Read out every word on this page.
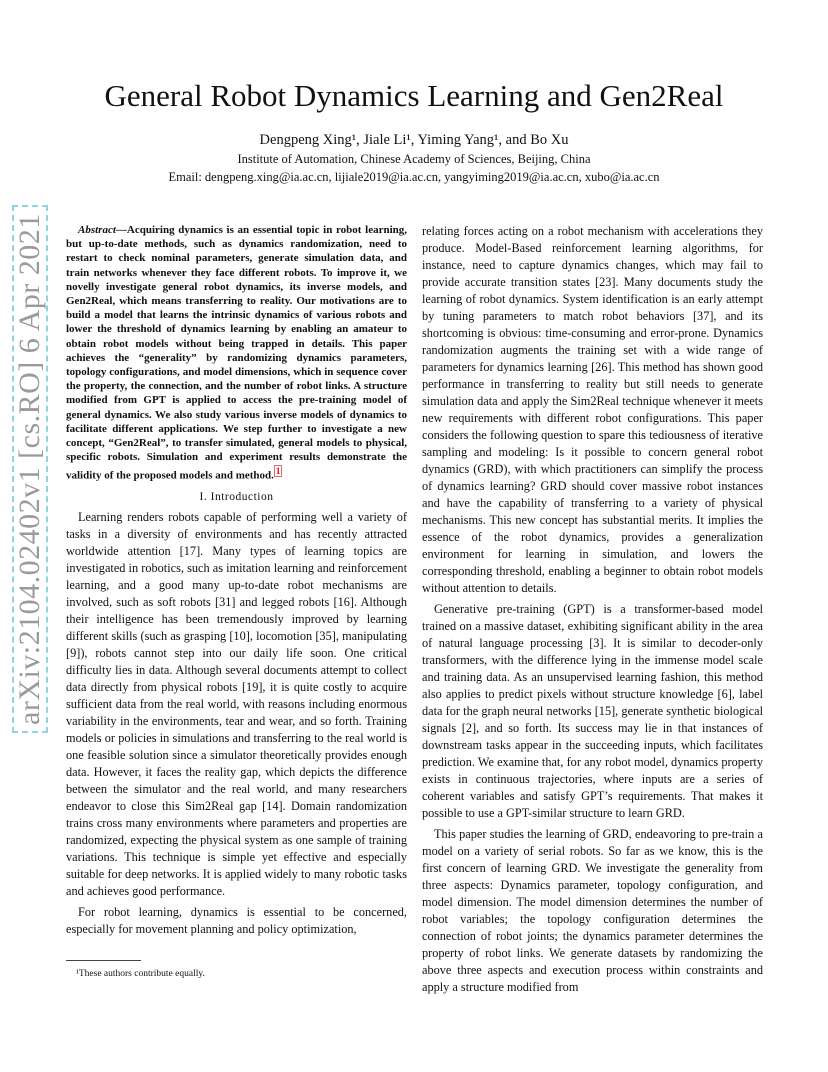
General Robot Dynamics Learning and Gen2Real
Dengpeng Xing¹, Jiale Li¹, Yiming Yang¹, and Bo Xu
Institute of Automation, Chinese Academy of Sciences, Beijing, China
Email: dengpeng.xing@ia.ac.cn, lijiale2019@ia.ac.cn, yangyiming2019@ia.ac.cn, xubo@ia.ac.cn
arXiv:2104.02402v1 [cs.RO] 6 Apr 2021	Abstract—Acquiring dynamics is an essential topic in robot learning, but up-to-date methods, such as dynamics randomization, need to restart to check nominal parameters, generate simulation data, and train networks whenever they face different robots. To improve it, we novelly investigate general robot dynamics, its inverse models, and Gen2Real, which means transferring to reality. Our motivations are to build a model that learns the intrinsic dynamics of various robots and lower the threshold of dynamics learning by enabling an amateur to obtain robot models without being trapped in details. This paper achieves the “generality” by randomizing dynamics parameters, topology configurations, and model dimensions, which in sequence cover the property, the connection, and the number of robot links. A structure modified from GPT is applied to access the pre-training model of general dynamics. We also study various inverse models of dynamics to facilitate different applications. We step further to investigate a new concept, “Gen2Real”, to transfer simulated, general models to physical, specific robots. Simulation and experiment results demonstrate the validity of the proposed models and method. $^1$

I. Introduction

Learning renders robots capable of performing well a variety of tasks in a diversity of environments and has recently attracted worldwide attention [17]. Many types of learning topics are investigated in robotics, such as imitation learning and reinforcement learning, and a good many up-to-date robot mechanisms are involved, such as soft robots [31] and legged robots [16]. Although their intelligence has been tremendously improved by learning different skills (such as grasping [10], locomotion [35], manipulating [9]), robots cannot step into our daily life soon. One critical difficulty lies in data. Although several documents attempt to collect data directly from physical robots [19], it is quite costly to acquire sufficient data from the real world, with reasons including enormous variability in the environments, tear and wear, and so forth. Training models or policies in simulations and transferring to the real world is one feasible solution since a simulator theoretically provides enough data. However, it faces the reality gap, which depicts the difference between the simulator and the real world, and many researchers endeavor to close this Sim2Real gap [14]. Domain randomization trains cross many environments where parameters and properties are randomized, expecting the physical system as one sample of training variations. This technique is simple yet effective and especially suitable for deep networks. It is applied widely to many robotic tasks and achieves good performance.

For robot learning, dynamics is essential to be concerned, especially for movement planning and policy optimization,

¹These authors contribute equally.

relating forces acting on a robot mechanism with accelerations they produce. Model-Based reinforcement learning algorithms, for instance, need to capture dynamics changes, which may fail to provide accurate transition states [23]. Many documents study the learning of robot dynamics. System identification is an early attempt by tuning parameters to match robot behaviors [37], and its shortcoming is obvious: time-consuming and error-prone. Dynamics randomization augments the training set with a wide range of parameters for dynamics learning [26]. This method has shown good performance in transferring to reality but still needs to generate simulation data and apply the Sim2Real technique whenever it meets new requirements with different robot configurations. This paper considers the following question to spare this tediousness of iterative sampling and modeling: Is it possible to concern general robot dynamics (GRD), with which practitioners can simplify the process of dynamics learning? GRD should cover massive robot instances and have the capability of transferring to a variety of physical mechanisms. This new concept has substantial merits. It implies the essence of the robot dynamics, provides a generalization environment for learning in simulation, and lowers the corresponding threshold, enabling a beginner to obtain robot models without attention to details.

Generative pre-training (GPT) is a transformer-based model trained on a massive dataset, exhibiting significant ability in the area of natural language processing [3]. It is similar to decoder-only transformers, with the difference lying in the immense model scale and training data. As an unsupervised learning fashion, this method also applies to predict pixels without structure knowledge [6], label data for the graph neural networks [15], generate synthetic biological signals [2], and so forth. Its success may lie in that instances of downstream tasks appear in the succeeding inputs, which facilitates prediction. We examine that, for any robot model, dynamics property exists in continuous trajectories, where inputs are a series of coherent variables and satisfy GPT’s requirements. That makes it possible to use a GPT-similar structure to learn GRD.

This paper studies the learning of GRD, endeavoring to pre-train a model on a variety of serial robots. So far as we know, this is the first concern of learning GRD. We investigate the generality from three aspects: Dynamics parameter, topology configuration, and model dimension. The model dimension determines the number of robot variables; the topology configuration determines the connection of robot joints; the dynamics parameter determines the property of robot links. We generate datasets by randomizing the above three aspects and execution process within constraints and apply a structure modified from
